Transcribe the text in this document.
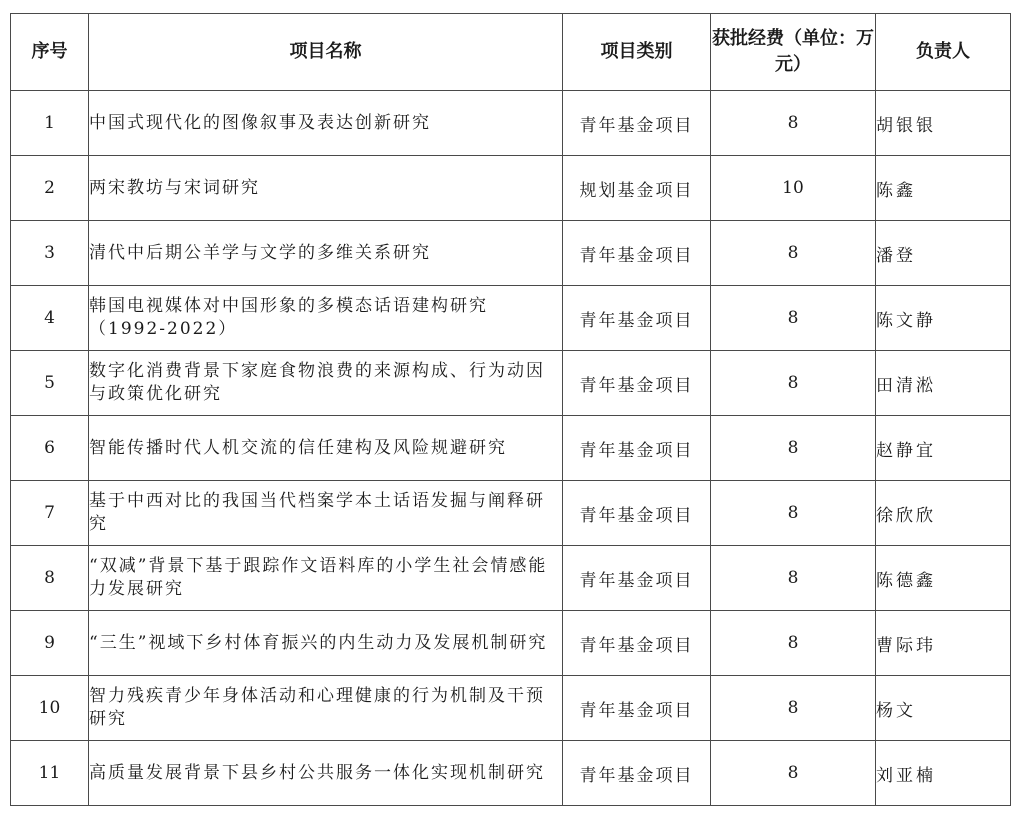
序号	项目名称	项目类别	获批经费（单位：万元）	负责人
1	中国式现代化的图像叙事及表达创新研究	青年基金项目	8	胡银银
2	两宋教坊与宋词研究	规划基金项目	10	陈鑫
3	清代中后期公羊学与文学的多维关系研究	青年基金项目	8	潘登
4	韩国电视媒体对中国形象的多模态话语建构研究（1992-2022）	青年基金项目	8	陈文静
5	数字化消费背景下家庭食物浪费的来源构成、行为动因与政策优化研究	青年基金项目	8	田清淞
6	智能传播时代人机交流的信任建构及风险规避研究	青年基金项目	8	赵静宜
7	基于中西对比的我国当代档案学本土话语发掘与阐释研究	青年基金项目	8	徐欣欣
8	“双减”背景下基于跟踪作文语料库的小学生社会情感能力发展研究	青年基金项目	8	陈德鑫
9	“三生”视域下乡村体育振兴的内生动力及发展机制研究	青年基金项目	8	曹际玮
10	智力残疾青少年身体活动和心理健康的行为机制及干预研究	青年基金项目	8	杨文
11	高质量发展背景下县乡村公共服务一体化实现机制研究	青年基金项目	8	刘亚楠
